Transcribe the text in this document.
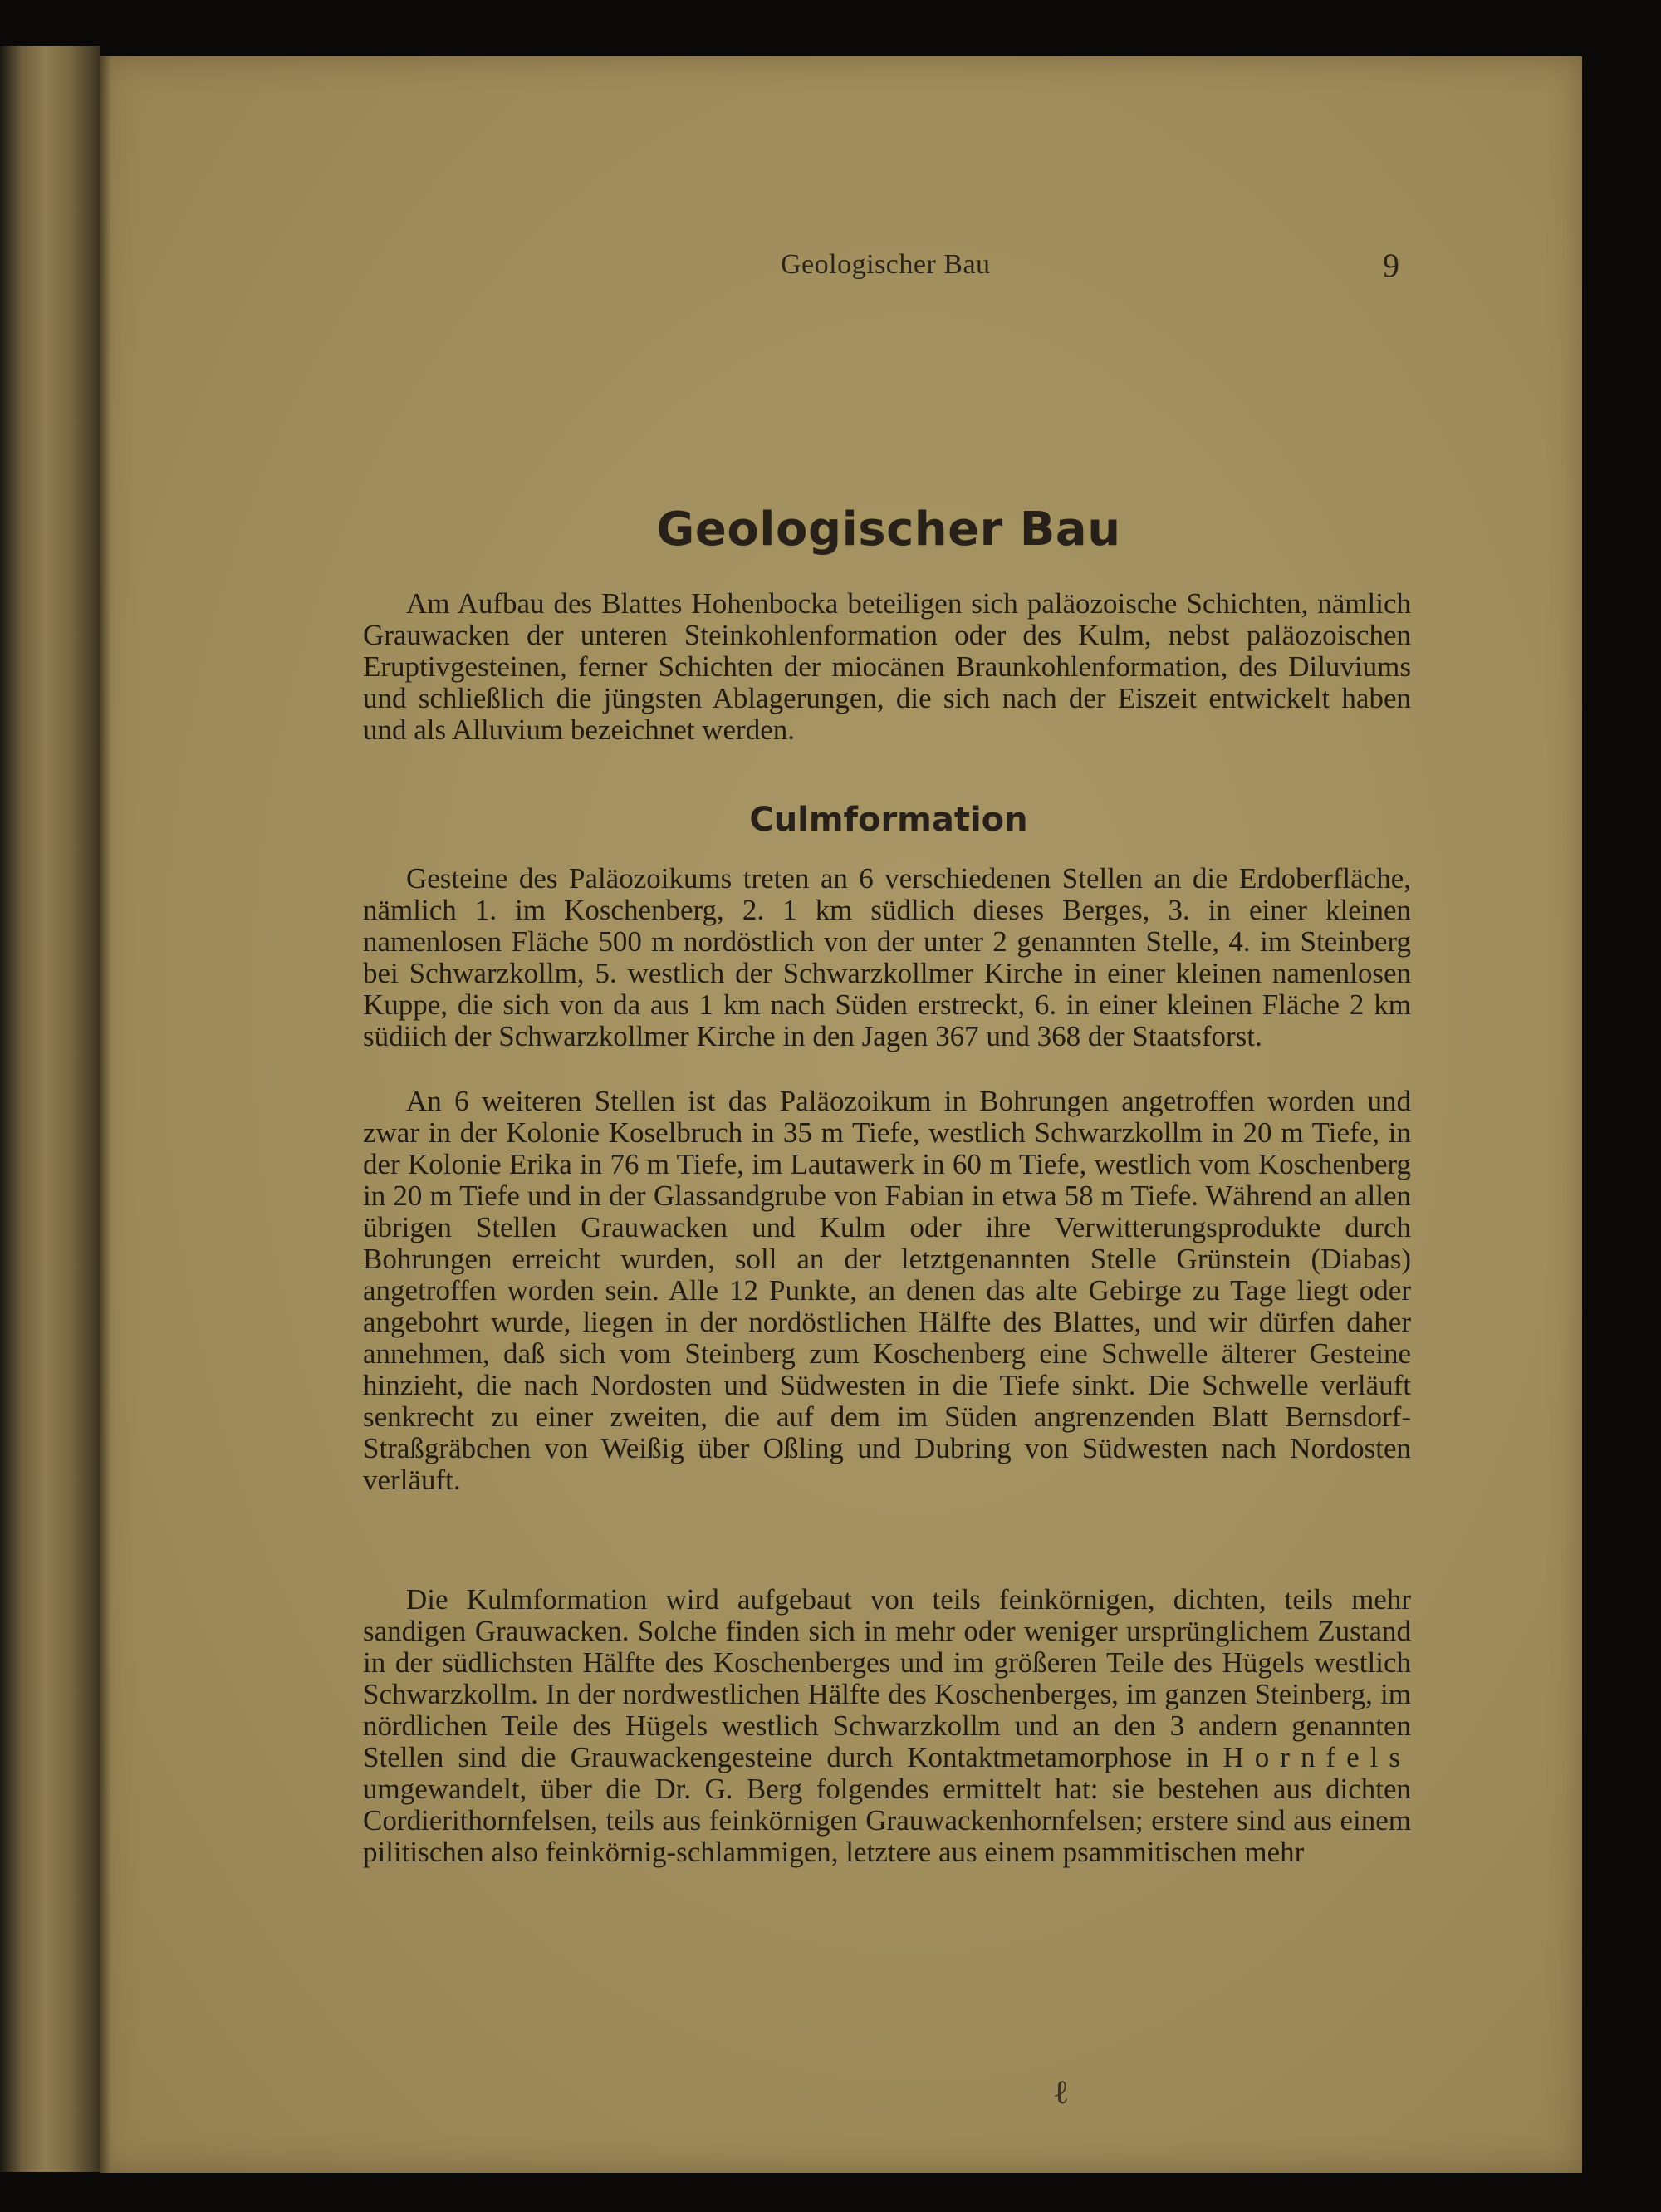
Geologischer Bau	9
Geologischer Bau

Am Aufbau des Blattes Hohenbocka beteiligen sich paläozoische Schichten, nämlich Grauwacken der unteren Steinkohlenformation oder des Kulm, nebst paläozoischen Eruptivgesteinen, ferner Schichten der miocänen Braunkohlenformation, des Diluviums und schließlich die jüngsten Ablagerungen, die sich nach der Eiszeit entwickelt haben und als Alluvium bezeichnet werden.

Culmformation

Gesteine des Paläozoikums treten an 6 verschiedenen Stellen an die Erdoberfläche, nämlich 1. im Koschenberg, 2. 1 km südlich dieses Berges, 3. in einer kleinen namenlosen Fläche 500 m nordöstlich von der unter 2 genannten Stelle, 4. im Steinberg bei Schwarzkollm, 5. westlich der Schwarzkollmer Kirche in einer kleinen namenlosen Kuppe, die sich von da aus 1 km nach Süden erstreckt, 6. in einer kleinen Fläche 2 km südiich der Schwarzkollmer Kirche in den Jagen 367 und 368 der Staatsforst.

An 6 weiteren Stellen ist das Paläozoikum in Bohrungen angetroffen worden und zwar in der Kolonie Koselbruch in 35 m Tiefe, westlich Schwarzkollm in 20 m Tiefe, in der Kolonie Erika in 76 m Tiefe, im Lautawerk in 60 m Tiefe, westlich vom Koschenberg in 20 m Tiefe und in der Glassandgrube von Fabian in etwa 58 m Tiefe. Während an allen übrigen Stellen Grauwacken und Kulm oder ihre Verwitterungsprodukte durch Bohrungen erreicht wurden, soll an der letztgenannten Stelle Grünstein (Diabas) angetroffen worden sein. Alle 12 Punkte, an denen das alte Gebirge zu Tage liegt oder angebohrt wurde, liegen in der nordöstlichen Hälfte des Blattes, und wir dürfen daher annehmen, daß sich vom Steinberg zum Koschenberg eine Schwelle älterer Gesteine hinzieht, die nach Nordosten und Südwesten in die Tiefe sinkt. Die Schwelle verläuft senkrecht zu einer zweiten, die auf dem im Süden angrenzenden Blatt Bernsdorf-Straßgräbchen von Weißig über Oßling und Dubring von Südwesten nach Nordosten verläuft.

Die Kulmformation wird aufgebaut von teils feinkörnigen, dichten, teils mehr sandigen Grauwacken. Solche finden sich in mehr oder weniger ursprünglichem Zustand in der südlichsten Hälfte des Koschenberges und im größeren Teile des Hügels westlich Schwarzkollm. In der nordwestlichen Hälfte des Koschenberges, im ganzen Steinberg, im nördlichen Teile des Hügels westlich Schwarzkollm und an den 3 andern genannten Stellen sind die Grauwackengesteine durch Kontaktmetamorphose in Hornfels umgewandelt, über die Dr. G. Berg folgendes ermittelt hat: sie bestehen aus dichten Cordierithornfelsen, teils aus feinkörnigen Grauwackenhornfelsen; erstere sind aus einem pilitischen also feinkörnig-schlammigen, letztere aus einem psammitischen mehr

ℓ
